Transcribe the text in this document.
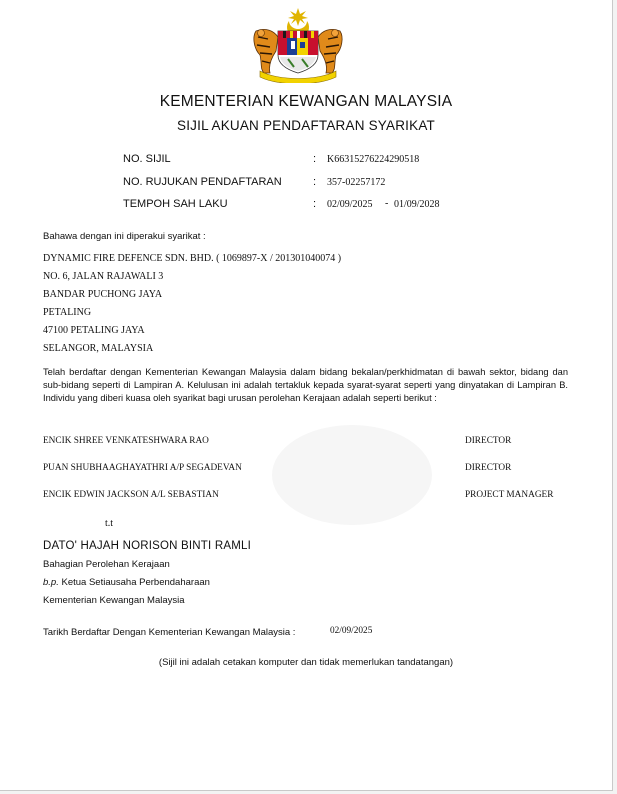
KEMENTERIAN KEWANGAN MALAYSIA
SIJIL AKUAN PENDAFTARAN SYARIKAT
NO. SIJIL	: K66315276224290518
NO. RUJUKAN PENDAFTARAN	: 357-02257172
TEMPOH SAH LAKU	: 02/09/2025 - 01/09/2028
Bahawa dengan ini diperakui syarikat :
DYNAMIC FIRE DEFENCE SDN. BHD. ( 1069897-X / 201301040074 )
NO. 6, JALAN RAJAWALI 3
BANDAR PUCHONG JAYA
PETALING
47100 PETALING JAYA
SELANGOR, MALAYSIA
Telah berdaftar dengan Kementerian Kewangan Malaysia dalam bidang bekalan/perkhidmatan di bawah sektor, bidang dan sub-bidang seperti di Lampiran A. Kelulusan ini adalah tertakluk kepada syarat-syarat seperti yang dinyatakan di Lampiran B. Individu yang diberi kuasa oleh syarikat bagi urusan perolehan Kerajaan adalah seperti berikut :
ENCIK SHREE VENKATESHWARA RAO	DIRECTOR
PUAN SHUBHAAGHAYATHRI A/P SEGADEVAN	DIRECTOR
ENCIK EDWIN JACKSON A/L SEBASTIAN	PROJECT MANAGER
t.t
DATO' HAJAH NORISON BINTI RAMLI
Bahagian Perolehan Kerajaan
b.p. Ketua Setiausaha Perbendaharaan
Kementerian Kewangan Malaysia
Tarikh Berdaftar Dengan Kementerian Kewangan Malaysia :	02/09/2025
(Sijil ini adalah cetakan komputer dan tidak memerlukan tandatangan)
